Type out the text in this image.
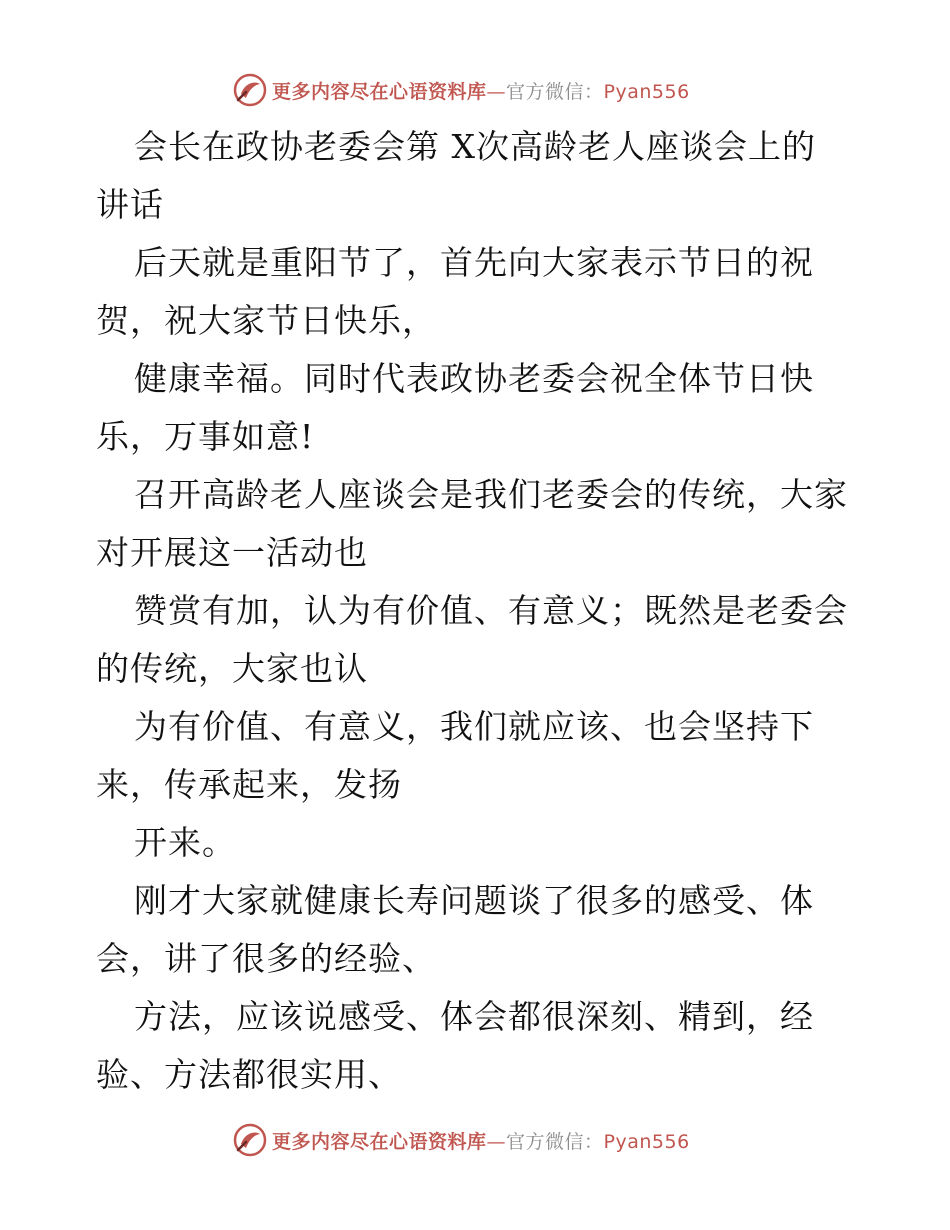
更多内容尽在心语资料库—官方微信：Pyan556
会长在政协老委会第 X次高龄老人座谈会上的
讲话
后天就是重阳节了，首先向大家表示节日的祝
贺，祝大家节日快乐，
健康幸福。同时代表政协老委会祝全体节日快
乐，万事如意!
召开高龄老人座谈会是我们老委会的传统，大家
对开展这一活动也
赞赏有加，认为有价值、有意义；既然是老委会
的传统，大家也认
为有价值、有意义，我们就应该、也会坚持下
来，传承起来，发扬
开来。
刚才大家就健康长寿问题谈了很多的感受、体
会，讲了很多的经验、
方法，应该说感受、体会都很深刻、精到，经
验、方法都很实用、
更多内容尽在心语资料库—官方微信：Pyan556
